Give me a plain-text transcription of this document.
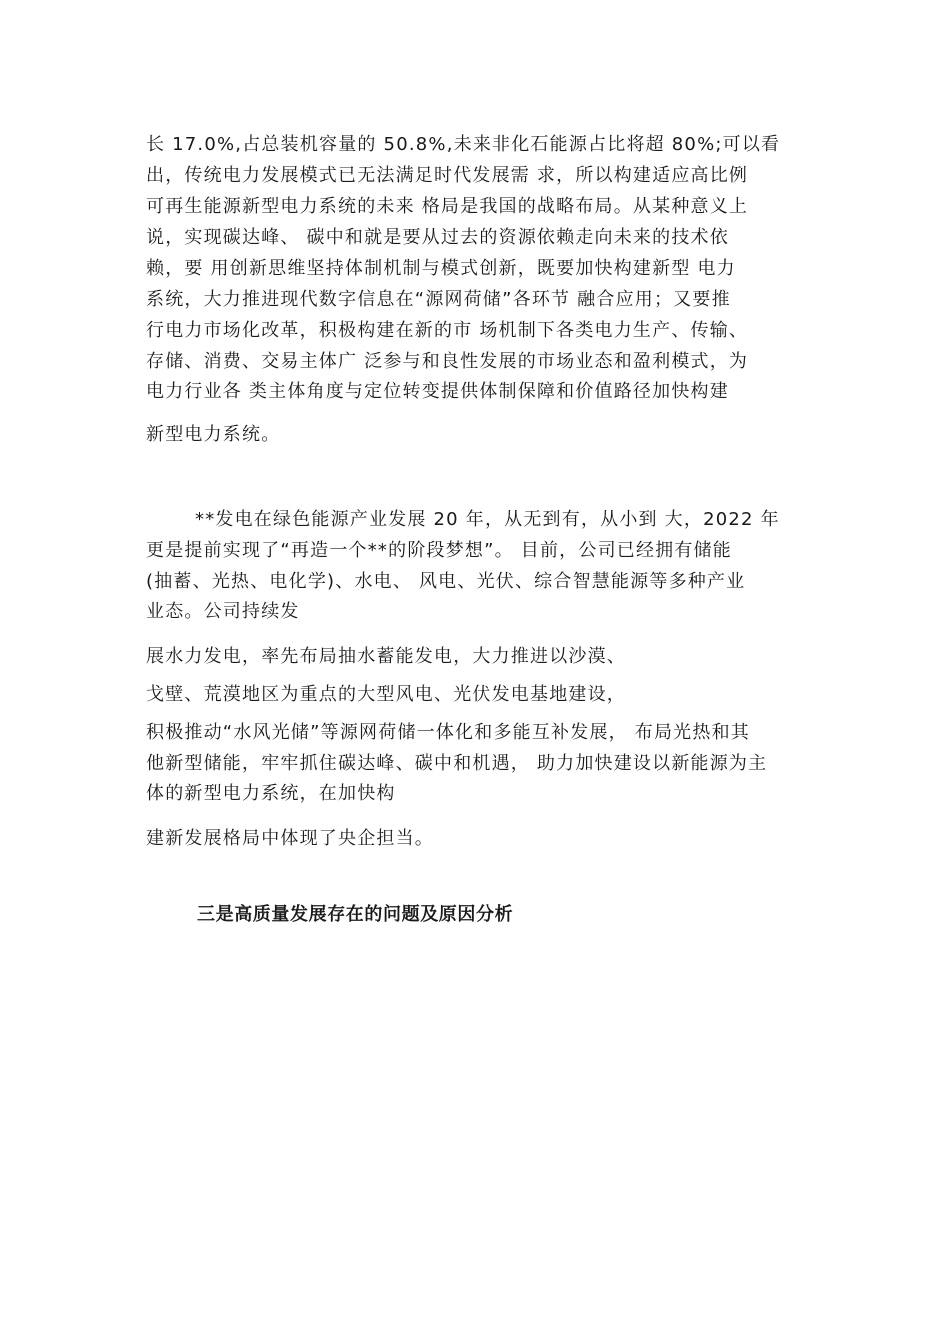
长 17.0%,占总装机容量的 50.8%,未来非化石能源占比将超 80%;可以看
出，传统电力发展模式已无法满足时代发展需 求，所以构建适应高比例
可再生能源新型电力系统的未来 格局是我国的战略布局。从某种意义上
说，实现碳达峰、 碳中和就是要从过去的资源依赖走向未来的技术依
赖，要 用创新思维坚持体制机制与模式创新，既要加快构建新型 电力
系统，大力推进现代数字信息在“源网荷储”各环节 融合应用；又要推
行电力市场化改革，积极构建在新的市 场机制下各类电力生产、传输、
存储、消费、交易主体广 泛参与和良性发展的市场业态和盈利模式，为
电力行业各 类主体角度与定位转变提供体制保障和价值路径加快构建
新型电力系统。
**发电在绿色能源产业发展 20 年，从无到有，从小到 大，2022 年
更是提前实现了“再造一个**的阶段梦想”。 目前，公司已经拥有储能
(抽蓄、光热、电化学)、水电、 风电、光伏、综合智慧能源等多种产业
业态。公司持续发
展水力发电，率先布局抽水蓄能发电，大力推进以沙漠、
戈壁、荒漠地区为重点的大型风电、光伏发电基地建设，
积极推动“水风光储”等源网荷储一体化和多能互补发展， 布局光热和其
他新型储能，牢牢抓住碳达峰、碳中和机遇， 助力加快建设以新能源为主
体的新型电力系统，在加快构
建新发展格局中体现了央企担当。
三是高质量发展存在的问题及原因分析
